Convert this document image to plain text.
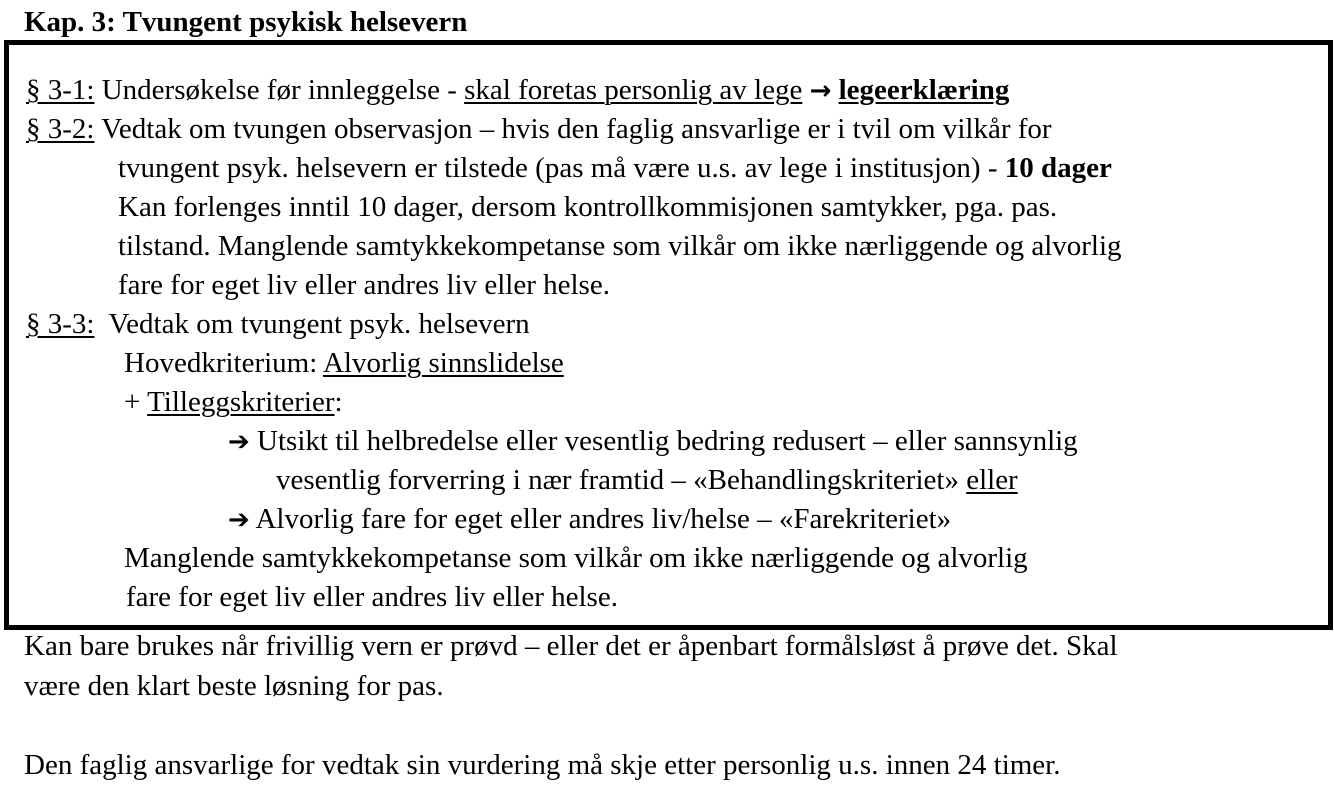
Kap. 3: Tvungent psykisk helsevern
§ 3-1: Undersøkelse før innleggelse - skal foretas personlig av lege → legeerklæring
§ 3-2: Vedtak om tvungen observasjon – hvis den faglig ansvarlige er i tvil om vilkår for
tvungent psyk. helsevern er tilstede (pas må være u.s. av lege i institusjon) - 10 dager
Kan forlenges inntil 10 dager, dersom kontrollkommisjonen samtykker, pga. pas.
tilstand. Manglende samtykkekompetanse som vilkår om ikke nærliggende og alvorlig
fare for eget liv eller andres liv eller helse.
§ 3-3: Vedtak om tvungent psyk. helsevern
Hovedkriterium: Alvorlig sinnslidelse
+ Tilleggskriterier:
➔ Utsikt til helbredelse eller vesentlig bedring redusert – eller sannsynlig
vesentlig forverring i nær framtid – «Behandlingskriteriet» eller
➔ Alvorlig fare for eget eller andres liv/helse – «Farekriteriet»
Manglende samtykkekompetanse som vilkår om ikke nærliggende og alvorlig
fare for eget liv eller andres liv eller helse.
Kan bare brukes når frivillig vern er prøvd – eller det er åpenbart formålsløst å prøve det. Skal
være den klart beste løsning for pas.
Den faglig ansvarlige for vedtak sin vurdering må skje etter personlig u.s. innen 24 timer.
